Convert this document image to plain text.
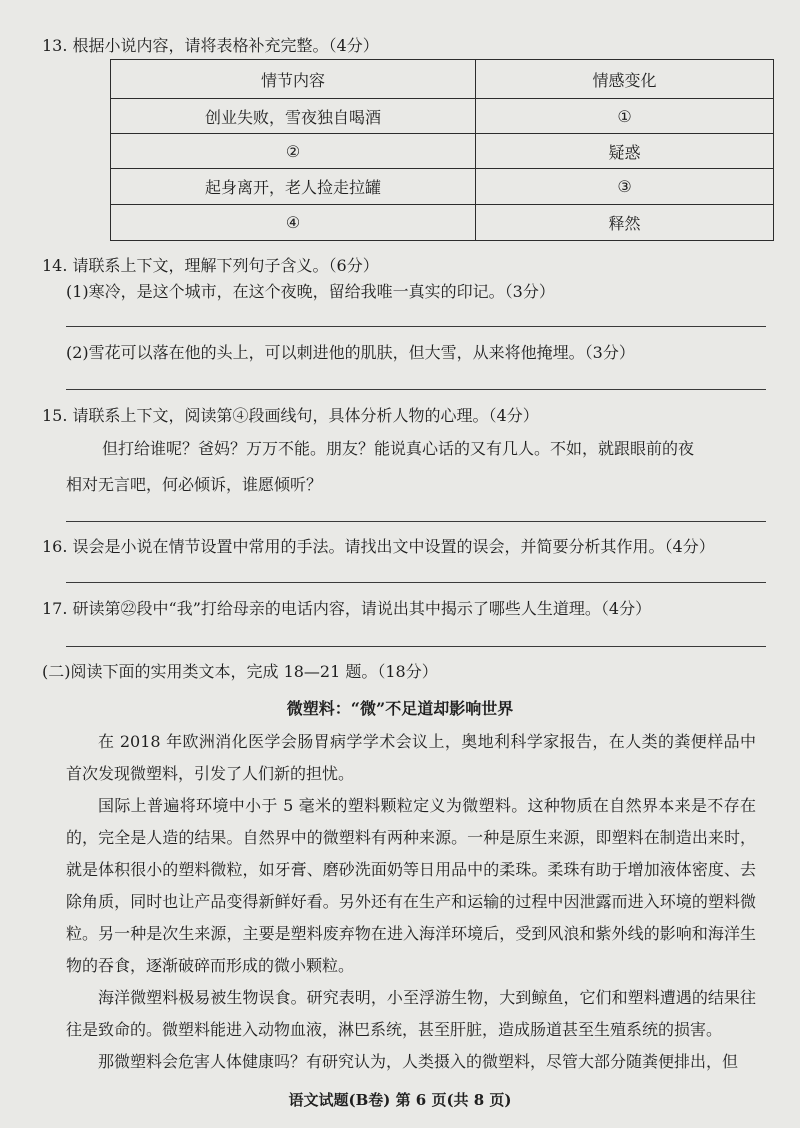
13. 根据小说内容，请将表格补充完整。（4分）
情节内容	情感变化
创业失败，雪夜独自喝酒	①
②	疑惑
起身离开，老人捡走拉罐	③
④	释然
14. 请联系上下文，理解下列句子含义。（6分）
(1)寒冷，是这个城市，在这个夜晚，留给我唯一真实的印记。（3分）
(2)雪花可以落在他的头上，可以刺进他的肌肤，但大雪，从来将他掩埋。（3分）
15. 请联系上下文，阅读第④段画线句，具体分析人物的心理。（4分）
但打给谁呢？爸妈？万万不能。朋友？能说真心话的又有几人。不如，就跟眼前的夜
相对无言吧，何必倾诉，谁愿倾听？
16. 误会是小说在情节设置中常用的手法。请找出文中设置的误会，并简要分析其作用。（4分）
17. 研读第㉒段中“我”打给母亲的电话内容，请说出其中揭示了哪些人生道理。（4分）
(二)阅读下面的实用类文本，完成 18—21 题。（18分）
微塑料：“微”不足道却影响世界
在 2018 年欧洲消化医学会肠胃病学学术会议上，奥地利科学家报告，在人类的粪便样品中首次发现微塑料，引发了人们新的担忧。
国际上普遍将环境中小于 5 毫米的塑料颗粒定义为微塑料。这种物质在自然界本来是不存在的，完全是人造的结果。自然界中的微塑料有两种来源。一种是原生来源，即塑料在制造出来时，就是体积很小的塑料微粒，如牙膏、磨砂洗面奶等日用品中的柔珠。柔珠有助于增加液体密度、去除角质，同时也让产品变得新鲜好看。另外还有在生产和运输的过程中因泄露而进入环境的塑料微粒。另一种是次生来源，主要是塑料废弃物在进入海洋环境后，受到风浪和紫外线的影响和海洋生物的吞食，逐渐破碎而形成的微小颗粒。
海洋微塑料极易被生物误食。研究表明，小至浮游生物，大到鲸鱼，它们和塑料遭遇的结果往往是致命的。微塑料能进入动物血液，淋巴系统，甚至肝脏，造成肠道甚至生殖系统的损害。
那微塑料会危害人体健康吗？有研究认为，人类摄入的微塑料，尽管大部分随粪便排出，但
语文试题(B卷) 第 6 页(共 8 页)
